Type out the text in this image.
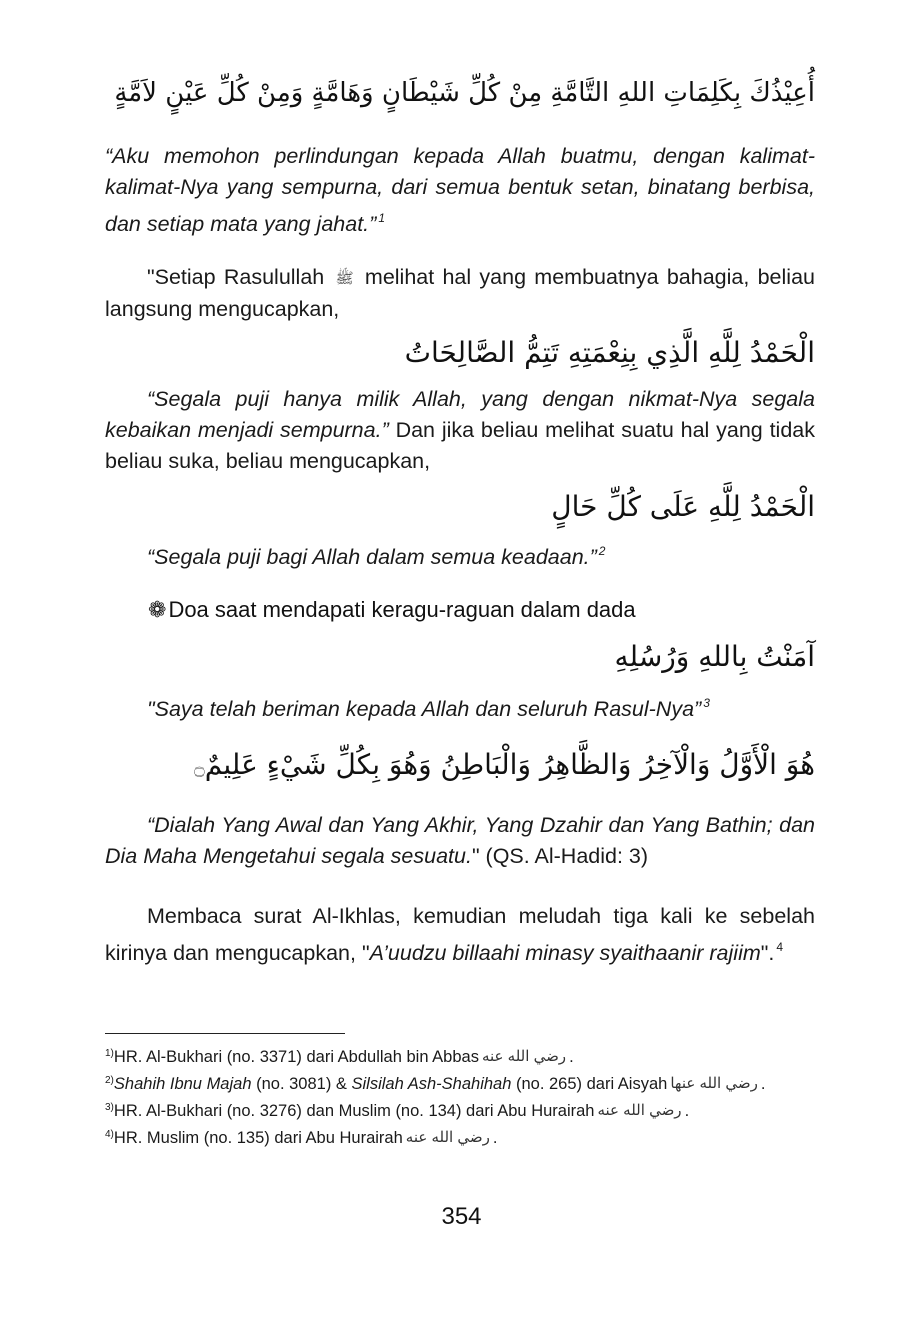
أُعِيْذُكَ بِكَلِمَاتِ اللهِ التَّامَّةِ مِنْ كُلِّ شَيْطَانٍ وَهَامَّةٍ وَمِنْ كُلِّ عَيْنٍ لاَمَّةٍ
“Aku memohon perlindungan kepada Allah buatmu, dengan kalimat-kalimat-Nya yang sempurna, dari semua bentuk setan, binatang berbisa, dan setiap mata yang jahat.” $^1$
"Setiap Rasulullah ﷺ melihat hal yang membuatnya bahagia, beliau langsung mengucapkan,
الْحَمْدُ لِلَّهِ الَّذِي بِنِعْمَتِهِ تَتِمُّ الصَّالِحَاتُ
“Segala puji hanya milik Allah, yang dengan nikmat-Nya segala kebaikan menjadi sempurna.” Dan jika beliau melihat suatu hal yang tidak beliau suka, beliau mengucapkan,
الْحَمْدُ لِلَّهِ عَلَى كُلِّ حَالٍ
“Segala puji bagi Allah dalam semua keadaan.” $^2$
❁Doa saat mendapati keragu-raguan dalam dada
آمَنْتُ بِاللهِ وَرُسُلِهِ
"Saya telah beriman kepada Allah dan seluruh Rasul-Nya” $^3$
هُوَ الْأَوَّلُ وَالْآخِرُ وَالظَّاهِرُ وَالْبَاطِنُ وَهُوَ بِكُلِّ شَيْءٍ عَلِيمٌ۝
“Dialah Yang Awal dan Yang Akhir, Yang Dzahir dan Yang Bathin; dan Dia Maha Mengetahui segala sesuatu." (QS. Al-Hadid: 3)
Membaca surat Al-Ikhlas, kemudian meludah tiga kali ke sebelah kirinya dan mengucapkan, "A’uudzu billaahi minasy syaithaanir rajiim". $^4$
$^{1)}$HR. Al-Bukhari (no. 3371) dari Abdullah bin Abbas رضي الله عنه .
$^{2)}$Shahih Ibnu Majah (no. 3081) & Silsilah Ash-Shahihah (no. 265) dari Aisyah رضي الله عنها .
$^{3)}$HR. Al-Bukhari (no. 3276) dan Muslim (no. 134) dari Abu Hurairah رضي الله عنه .
$^{4)}$HR. Muslim (no. 135) dari Abu Hurairah رضي الله عنه .
354
